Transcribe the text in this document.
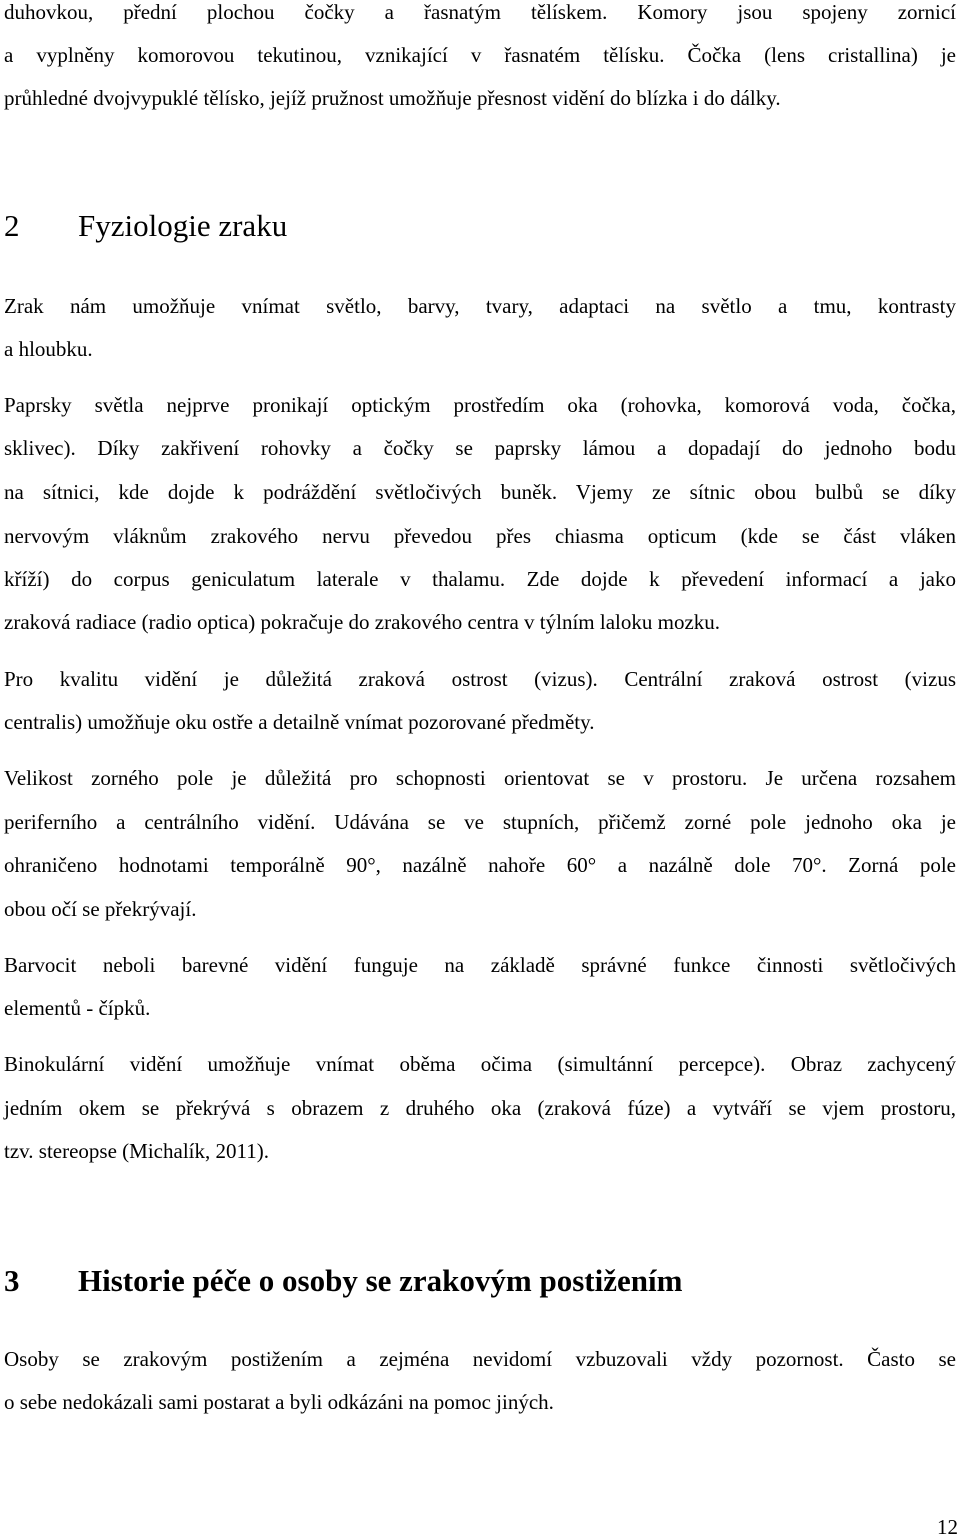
duhovkou, přední plochou čočky a řasnatým tělískem. Komory jsou spojeny zornicí
a vyplněny komorovou tekutinou, vznikající v řasnatém tělísku. Čočka (lens cristallina) je
průhledné dvojvypuklé tělísko, jejíž pružnost umožňuje přesnost vidění do blízka i do dálky.
2 Fyziologie zraku
Zrak nám umožňuje vnímat světlo, barvy, tvary, adaptaci na světlo a tmu, kontrasty
a hloubku.
Paprsky světla nejprve pronikají optickým prostředím oka (rohovka, komorová voda, čočka,
sklivec). Díky zakřivení rohovky a čočky se paprsky lámou a dopadají do jednoho bodu
na sítnici, kde dojde k podráždění světločivých buněk. Vjemy ze sítnic obou bulbů se díky
nervovým vláknům zrakového nervu převedou přes chiasma opticum (kde se část vláken
kříží) do corpus geniculatum laterale v thalamu. Zde dojde k převedení informací a jako
zraková radiace (radio optica) pokračuje do zrakového centra v týlním laloku mozku.
Pro kvalitu vidění je důležitá zraková ostrost (vizus). Centrální zraková ostrost (vizus
centralis) umožňuje oku ostře a detailně vnímat pozorované předměty.
Velikost zorného pole je důležitá pro schopnosti orientovat se v prostoru. Je určena rozsahem
periferního a centrálního vidění. Udávána se ve stupních, přičemž zorné pole jednoho oka je
ohraničeno hodnotami temporálně 90°, nazálně nahoře 60° a nazálně dole 70°. Zorná pole
obou očí se překrývají.
Barvocit neboli barevné vidění funguje na základě správné funkce činnosti světločivých
elementů - čípků.
Binokulární vidění umožňuje vnímat oběma očima (simultánní percepce). Obraz zachycený
jedním okem se překrývá s obrazem z druhého oka (zraková fúze) a vytváří se vjem prostoru,
tzv. stereopse (Michalík, 2011).
3 Historie péče o osoby se zrakovým postižením
Osoby se zrakovým postižením a zejména nevidomí vzbuzovali vždy pozornost. Často se
o sebe nedokázali sami postarat a byli odkázáni na pomoc jiných.
12
